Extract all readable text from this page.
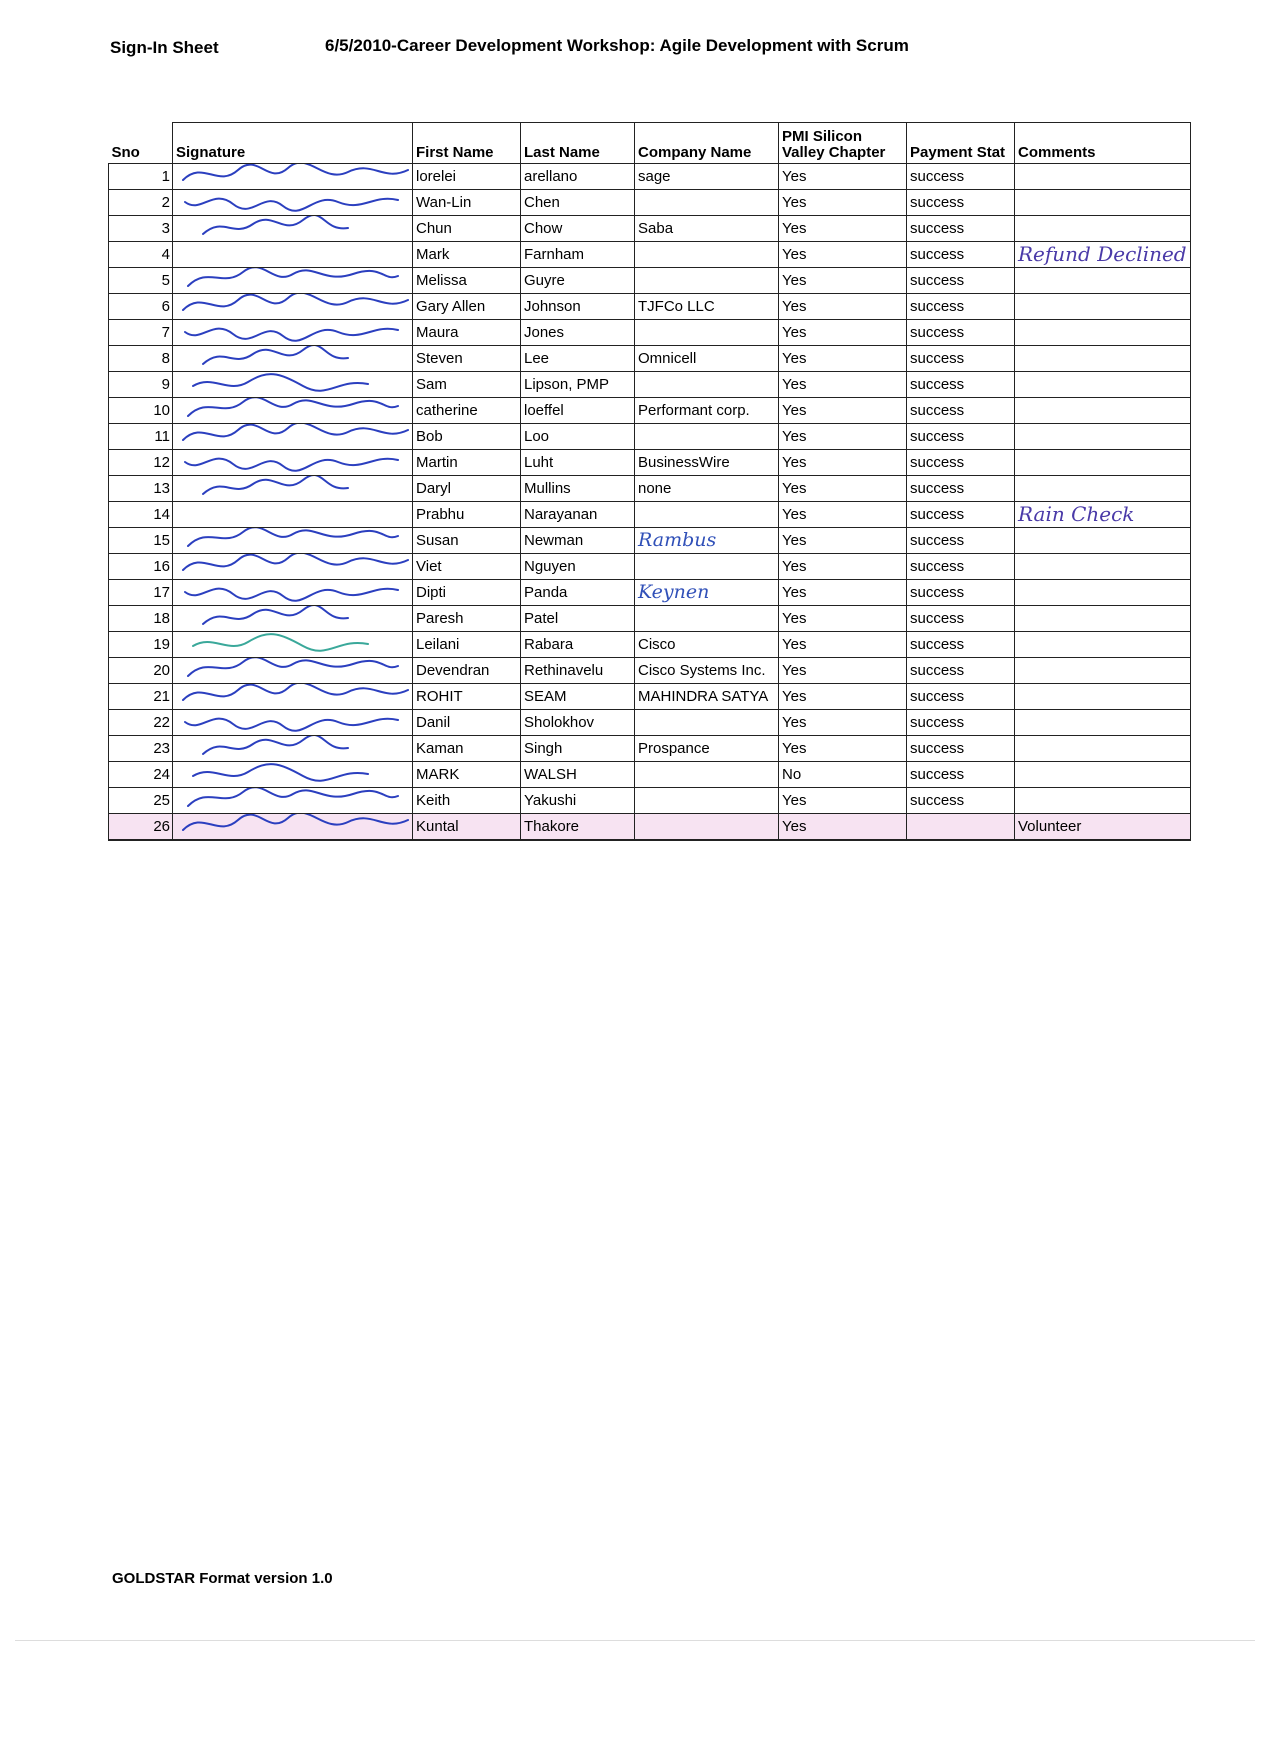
Sign-In Sheet	6/5/2010-Career Development Workshop: Agile Development with Scrum
Sno	Signature	First Name	Last Name	Company Name	PMI Silicon
Valley Chapter	Payment Stat	Comments
1		lorelei	arellano	sage	Yes	success	
2		Wan-Lin	Chen		Yes	success	
3		Chun	Chow	Saba	Yes	success	
4		Mark	Farnham		Yes	success	Refund Declined
5		Melissa	Guyre		Yes	success	
6		Gary Allen	Johnson	TJFCo LLC	Yes	success	
7		Maura	Jones		Yes	success	
8		Steven	Lee	Omnicell	Yes	success	
9		Sam	Lipson, PMP		Yes	success	
10		catherine	loeffel	Performant corp.	Yes	success	
11		Bob	Loo		Yes	success	
12		Martin	Luht	BusinessWire	Yes	success	
13		Daryl	Mullins	none	Yes	success	
14		Prabhu	Narayanan		Yes	success	Rain Check
15		Susan	Newman	Rambus	Yes	success	
16		Viet	Nguyen		Yes	success	
17		Dipti	Panda	Keynen	Yes	success	
18		Paresh	Patel		Yes	success	
19		Leilani	Rabara	Cisco	Yes	success	
20		Devendran	Rethinavelu	Cisco Systems Inc.	Yes	success	
21		ROHIT	SEAM	MAHINDRA SATYA	Yes	success	
22		Danil	Sholokhov		Yes	success	
23		Kaman	Singh	Prospance	Yes	success	
24		MARK	WALSH		No	success	
25		Keith	Yakushi		Yes	success	
26		Kuntal	Thakore		Yes		Volunteer
GOLDSTAR Format version 1.0
